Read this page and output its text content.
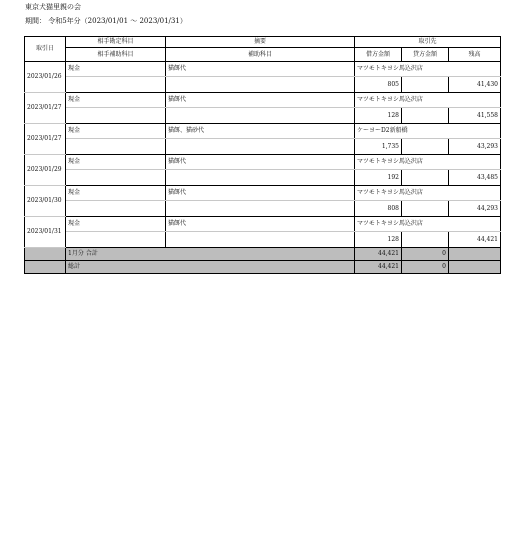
東京犬猫里親の会
期間： 令和5年分（2023/01/01 ～ 2023/01/31）
取引日	相手勘定科目	摘要	取引先		
	相手補助科目	補助科目	借方金額	貸方金額	残高
2023/01/26	現金	猫餌代	マツモトキヨシ馬込沢店		
			805		41,430
2023/01/27	現金	猫餌代	マツモトキヨシ馬込沢店		
			128		41,558
2023/01/27	現金	猫餌、猫砂代	ケーヨーD2新船橋		
			1,735		43,293
2023/01/29	現金	猫餌代	マツモトキヨシ馬込沢店		
			192		43,485
2023/01/30	現金	猫餌代	マツモトキヨシ馬込沢店		
			808		44,293
2023/01/31	現金	猫餌代	マツモトキヨシ馬込沢店		
			128		44,421
	1月分 合計		44,421	0	
	総計		44,421	0	
